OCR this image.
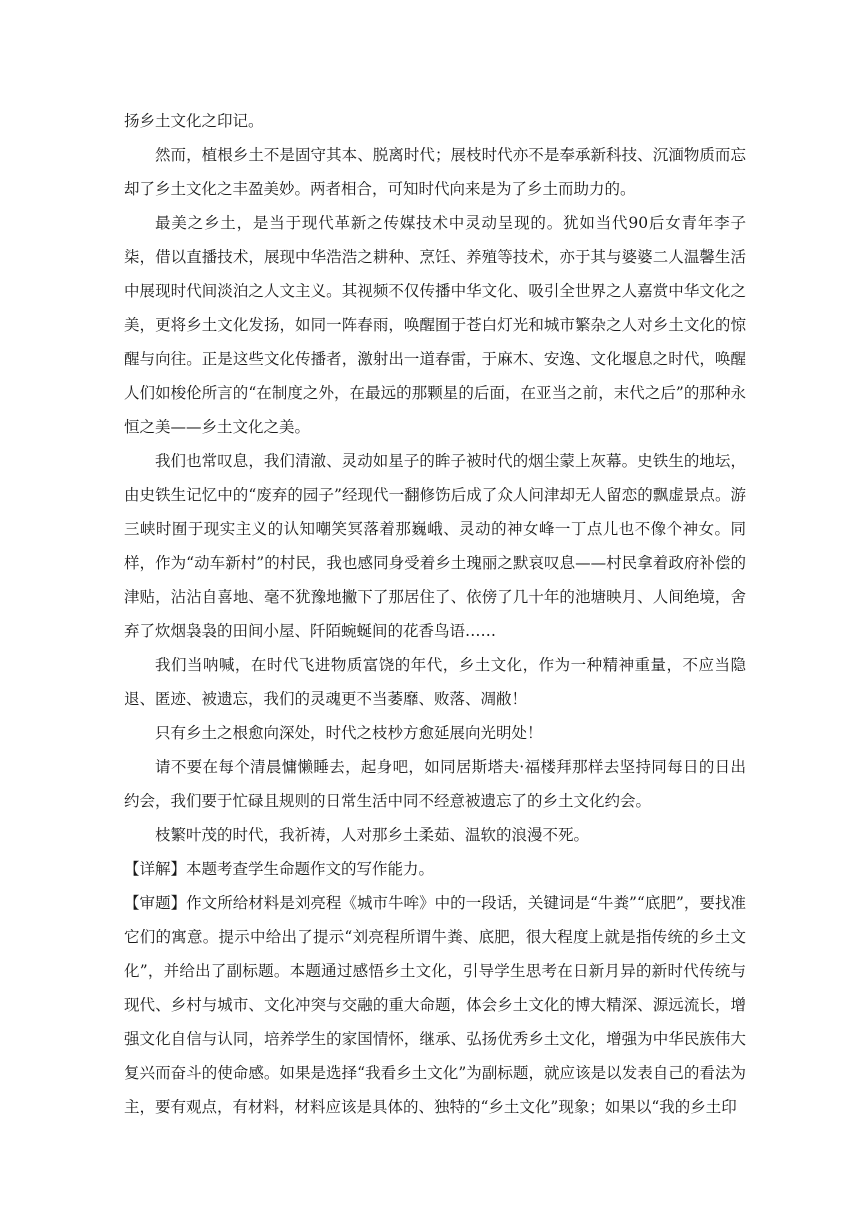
扬乡土文化之印记。

然而，植根乡土不是固守其本、脱离时代；展枝时代亦不是奉承新科技、沉湎物质而忘却了乡土文化之丰盈美妙。两者相合，可知时代向来是为了乡土而助力的。

最美之乡土，是当于现代革新之传媒技术中灵动呈现的。犹如当代90后女青年李子柒，借以直播技术，展现中华浩浩之耕种、烹饪、养殖等技术，亦于其与婆婆二人温馨生活中展现时代间淡泊之人文主义。其视频不仅传播中华文化、吸引全世界之人嘉赏中华文化之美，更将乡土文化发扬，如同一阵春雨，唤醒囿于苍白灯光和城市繁杂之人对乡土文化的惊醒与向往。正是这些文化传播者，激射出一道春雷，于麻木、安逸、文化堰息之时代，唤醒人们如梭伦所言的“在制度之外，在最远的那颗星的后面，在亚当之前，末代之后”的那种永恒之美——乡土文化之美。

我们也常叹息，我们清澈、灵动如星子的眸子被时代的烟尘蒙上灰幕。史铁生的地坛，由史铁生记忆中的“废弃的园子”经现代一翻修饬后成了众人问津却无人留恋的飘虚景点。游三峡时囿于现实主义的认知嘲笑冥落着那巍峨、灵动的神女峰一丁点儿也不像个神女。同样，作为“动车新村”的村民，我也感同身受着乡土瑰丽之默哀叹息——村民拿着政府补偿的津贴，沾沾自喜地、毫不犹豫地撇下了那居住了、依傍了几十年的池塘映月、人间绝境，舍弃了炊烟袅袅的田间小屋、阡陌蜿蜒间的花香鸟语……

我们当呐喊，在时代飞进物质富饶的年代，乡土文化，作为一种精神重量，不应当隐退、匿迹、被遗忘，我们的灵魂更不当萎靡、败落、凋敝！

只有乡土之根愈向深处，时代之枝杪方愈延展向光明处！

请不要在每个清晨慵懒睡去，起身吧，如同居斯塔夫·福楼拜那样去坚持同每日的日出约会，我们要于忙碌且规则的日常生活中同不经意被遗忘了的乡土文化约会。

枝繁叶茂的时代，我祈祷，人对那乡土柔茹、温软的浪漫不死。

【详解】本题考查学生命题作文的写作能力。

【审题】作文所给材料是刘亮程《城市牛哞》中的一段话，关键词是“牛粪”“底肥”，要找准它们的寓意。提示中给出了提示“刘亮程所谓牛粪、底肥，很大程度上就是指传统的乡土文化”，并给出了副标题。本题通过感悟乡土文化，引导学生思考在日新月异的新时代传统与现代、乡村与城市、文化冲突与交融的重大命题，体会乡土文化的博大精深、源远流长，增强文化自信与认同，培养学生的家国情怀，继承、弘扬优秀乡土文化，增强为中华民族伟大复兴而奋斗的使命感。如果是选择“我看乡土文化”为副标题，就应该是以发表自己的看法为主，要有观点，有材料，材料应该是具体的、独特的“乡土文化”现象；如果以“我的乡土印
